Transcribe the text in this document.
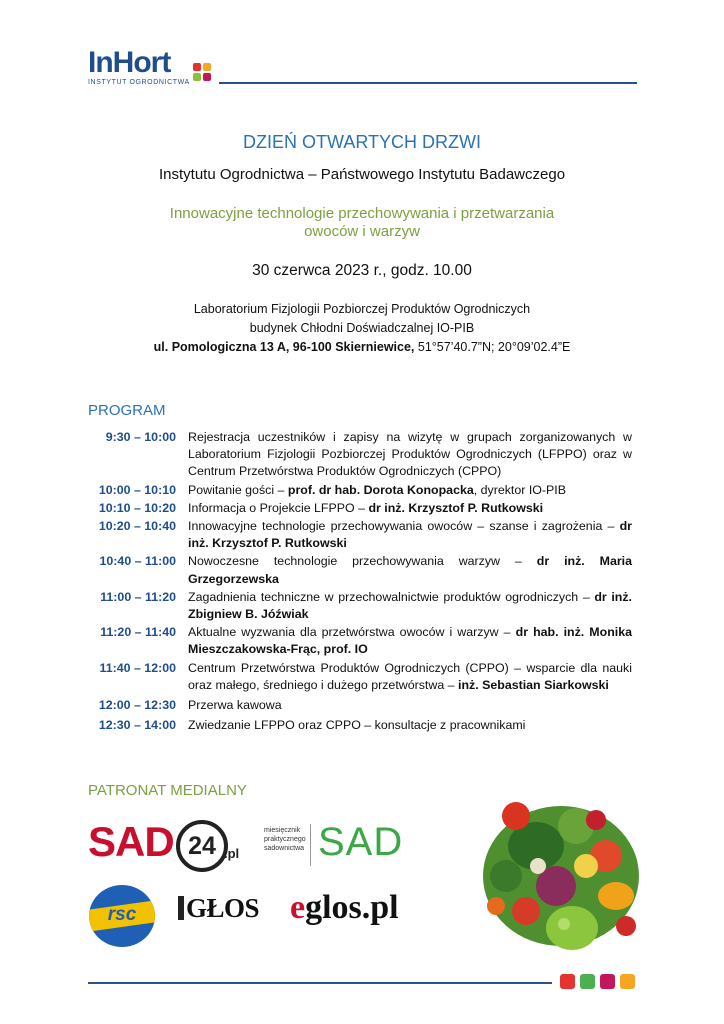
InHort
INSTYTUT OGRODNICTWA
DZIEŃ OTWARTYCH DRZWI
Instytutu Ogrodnictwa – Państwowego Instytutu Badawczego
Innowacyjne technologie przechowywania i przetwarzania
owoców i warzyw
30 czerwca 2023 r., godz. 10.00
Laboratorium Fizjologii Pozbiorczej Produktów Ogrodniczych
budynek Chłodni Doświadczalnej IO-PIB
ul. Pomologiczna 13 A, 96-100 Skierniewice, 51°57’40.7”N; 20°09’02.4”E
PROGRAM
9:30 – 10:00 Rejestracja uczestników i zapisy na wizytę w grupach zorganizowanych w Laboratorium Fizjologii Pozbiorczej Produktów Ogrodniczych (LFPPO) oraz w Centrum Przetwórstwa Produktów Ogrodniczych (CPPO)
10:00 – 10:10 Powitanie gości – prof. dr hab. Dorota Konopacka, dyrektor IO-PIB
10:10 – 10:20 Informacja o Projekcie LFPPO – dr inż. Krzysztof P. Rutkowski
10:20 – 10:40 Innowacyjne technologie przechowywania owoców – szanse i zagrożenia – dr inż. Krzysztof P. Rutkowski
10:40 – 11:00 Nowoczesne technologie przechowywania warzyw – dr inż. Maria Grzegorzewska
11:00 – 11:20 Zagadnienia techniczne w przechowalnictwie produktów ogrodniczych – dr inż. Zbigniew B. Jóźwiak
11:20 – 11:40 Aktualne wyzwania dla przetwórstwa owoców i warzyw – dr hab. inż. Monika Mieszczakowska-Frąc, prof. IO
11:40 – 12:00 Centrum Przetwórstwa Produktów Ogrodniczych (CPPO) – wsparcie dla nauki oraz małego, średniego i dużego przetwórstwa – inż. Sebastian Siarkowski
12:00 – 12:30 Przerwa kawowa
12:30 – 14:00 Zwiedzanie LFPPO oraz CPPO – konsultacje z pracownikami
PATRONAT MEDIALNY
SAD 24 .pl
miesięcznik
praktycznego
sadownictwa SAD
rsc	GŁOS eglos.pl
